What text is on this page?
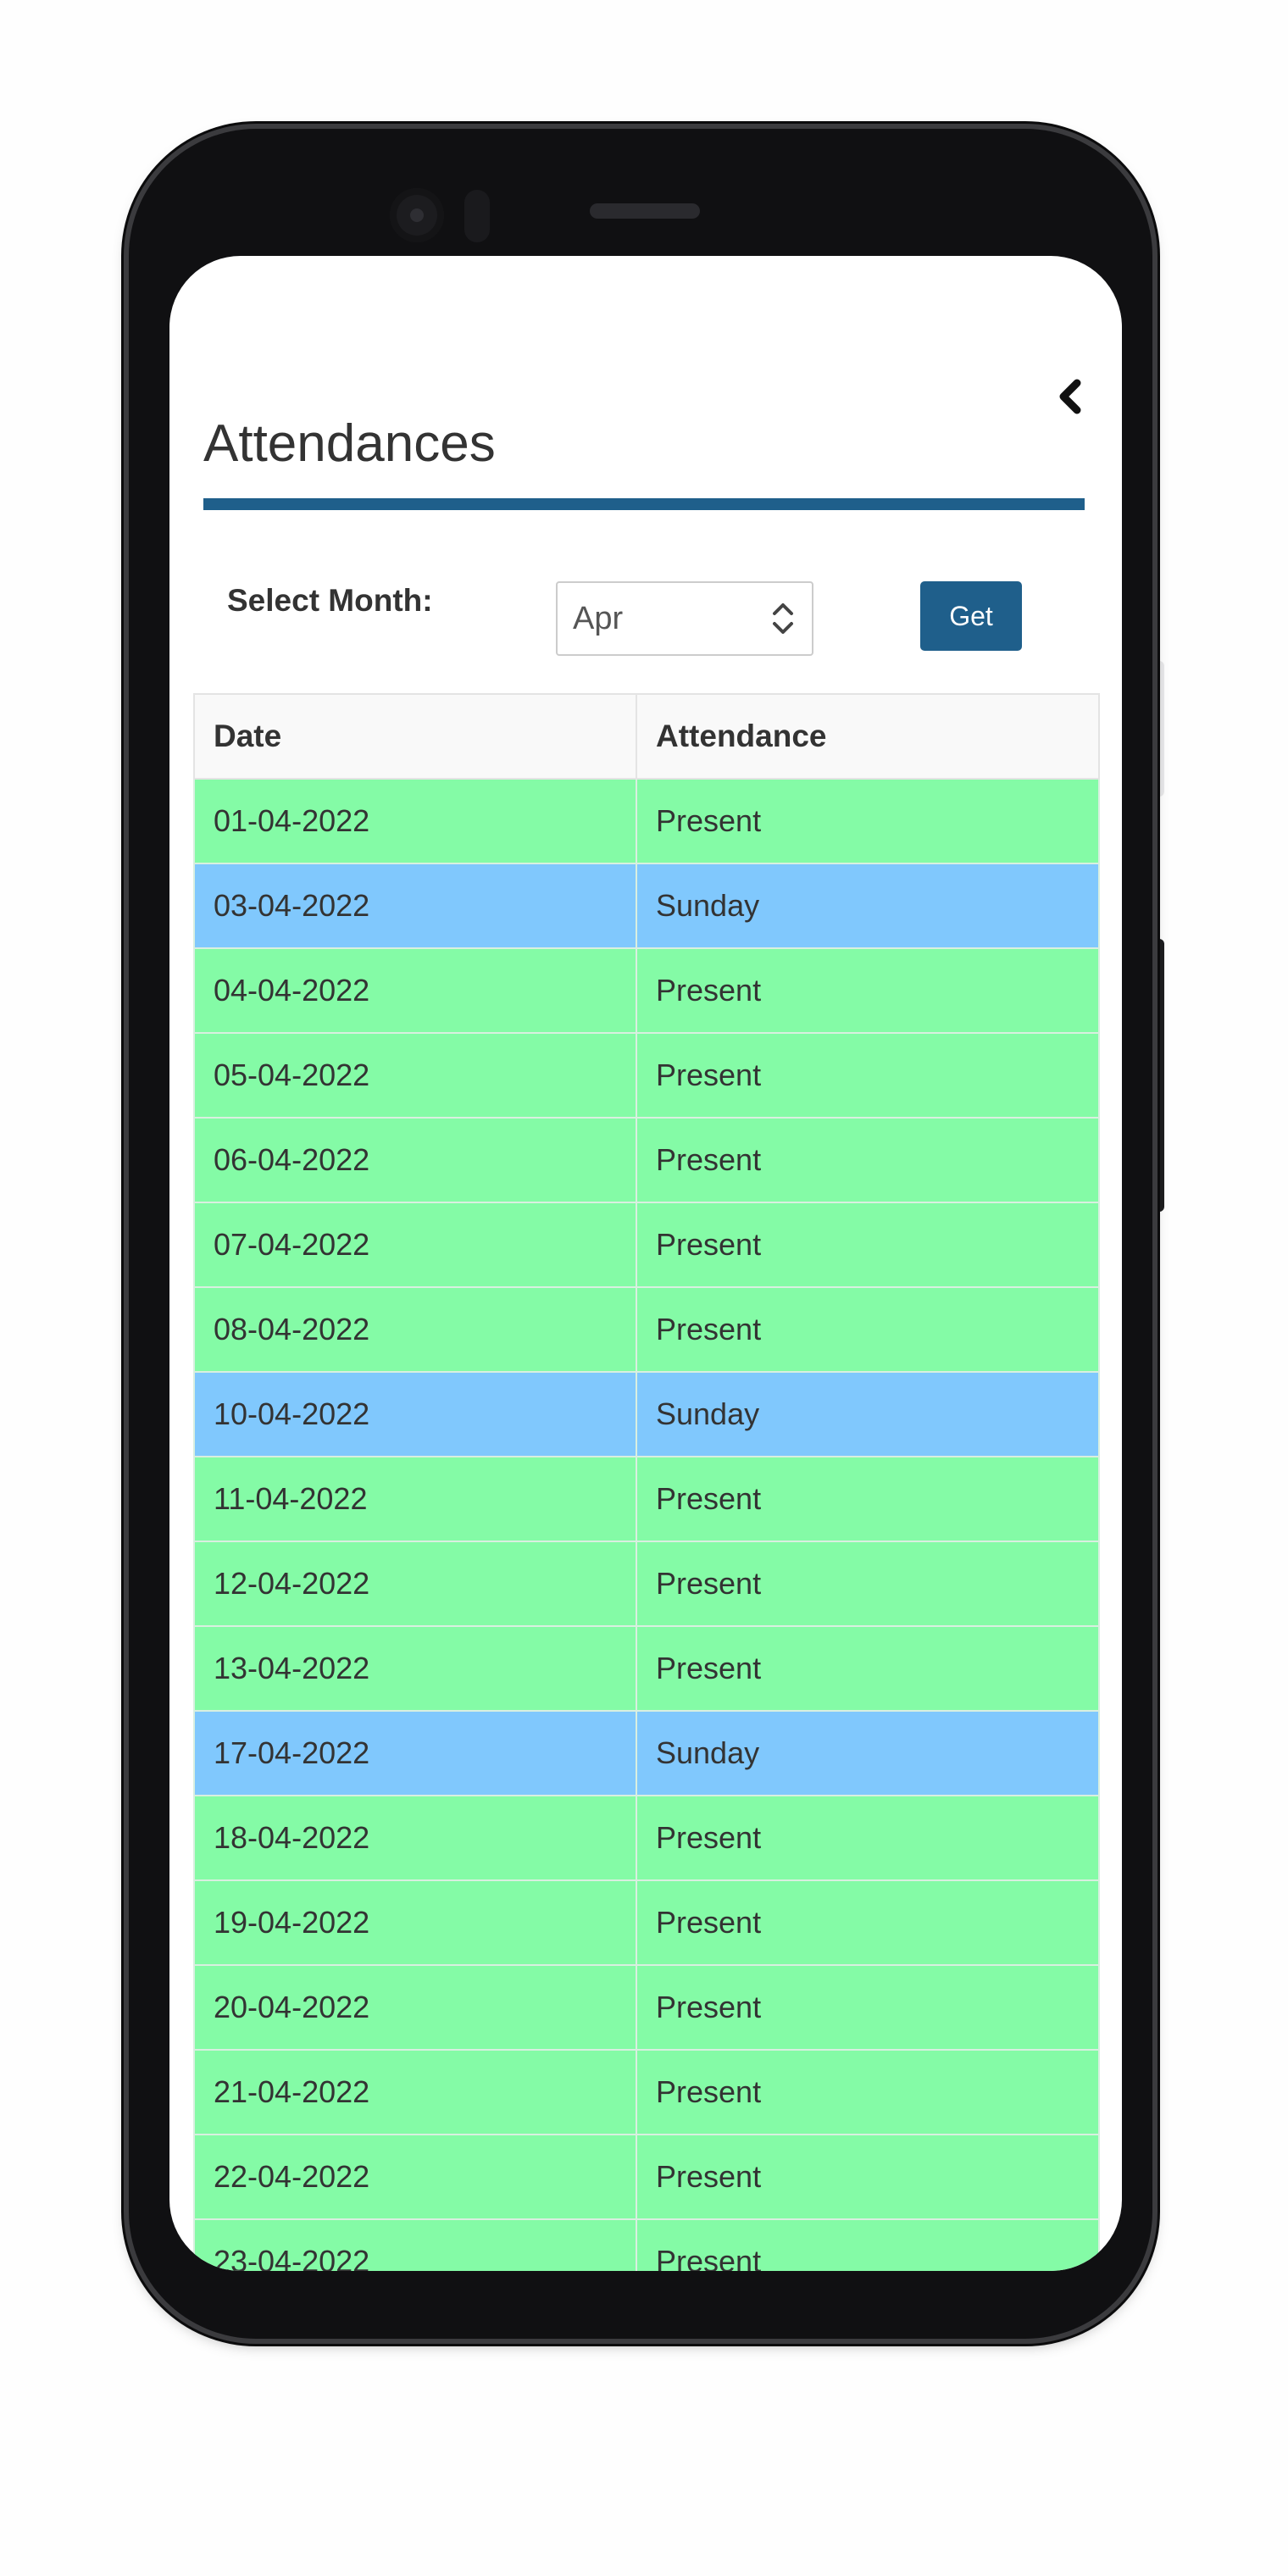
Attendances
Select Month:	Apr	Get
Date	Attendance
01-04-2022	Present
03-04-2022	Sunday
04-04-2022	Present
05-04-2022	Present
06-04-2022	Present
07-04-2022	Present
08-04-2022	Present
10-04-2022	Sunday
11-04-2022	Present
12-04-2022	Present
13-04-2022	Present
17-04-2022	Sunday
18-04-2022	Present
19-04-2022	Present
20-04-2022	Present
21-04-2022	Present
22-04-2022	Present
23-04-2022	Present
